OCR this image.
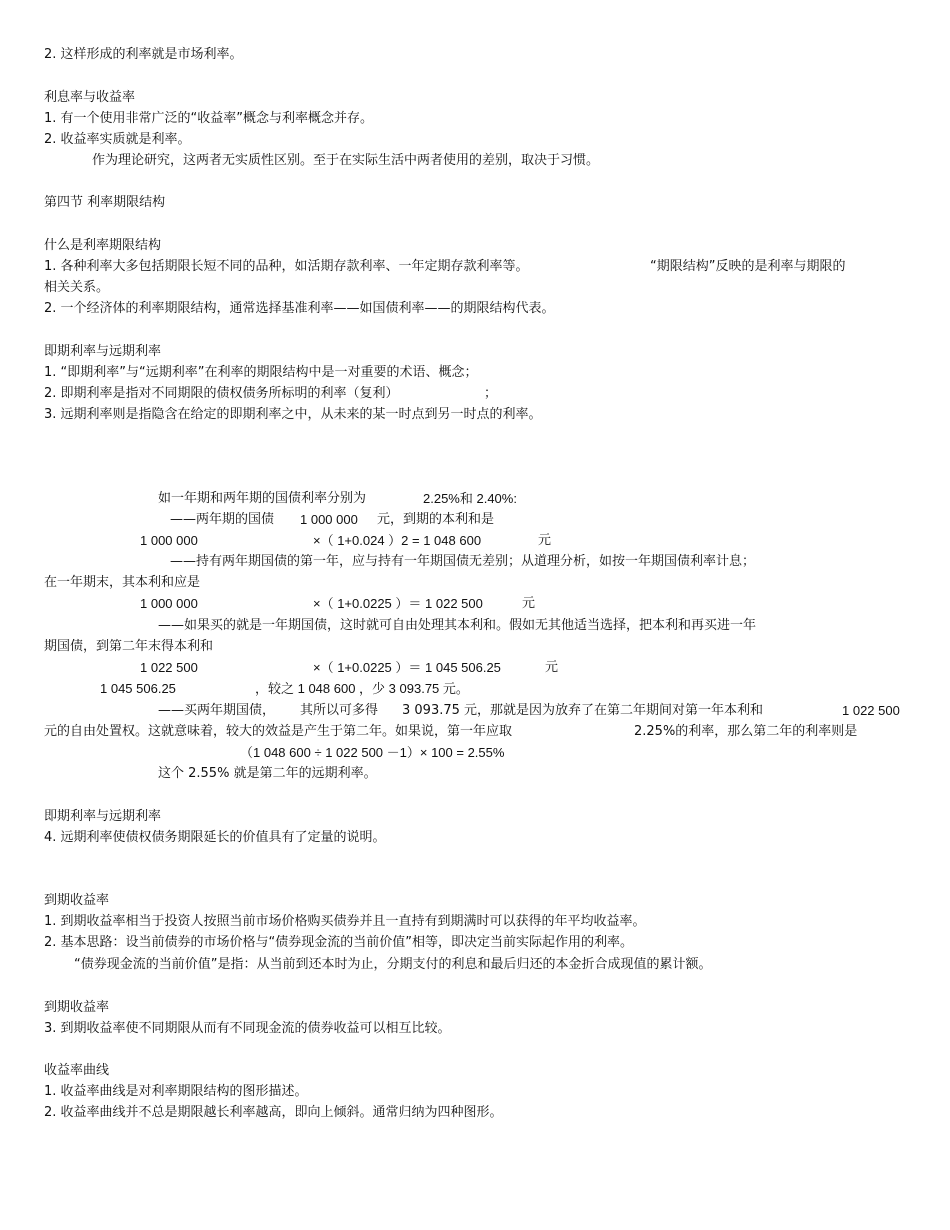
2. 这样形成的利率就是市场利率。
利息率与收益率
1. 有一个使用非常广泛的“收益率”概念与利率概念并存。
2. 收益率实质就是利率。
作为理论研究，这两者无实质性区别。至于在实际生活中两者使用的差别，取决于习惯。
第四节 利率期限结构
什么是利率期限结构
1. 各种利率大多包括期限长短不同的品种，如活期存款利率、一年定期存款利率等。	“期限结构”反映的是利率与期限的
相关关系。
2. 一个经济体的利率期限结构，通常选择基准利率——如国债利率——的期限结构代表。
即期利率与远期利率
1. “即期利率”与“远期利率”在利率的期限结构中是一对重要的术语、概念；
2. 即期利率是指对不同期限的债权债务所标明的利率（复利）	；
3. 远期利率则是指隐含在给定的即期利率之中，从未来的某一时点到另一时点的利率。
如一年期和两年期的国债利率分别为	2.25%和 2.40%:
——两年期的国债 1 000 000 元，到期的本利和是
1 000 000	×（ 1+0.024 ）2 = 1 048 600	元
——持有两年期国债的第一年，应与持有一年期国债无差别；从道理分析，如按一年期国债利率计息；
在一年期末，其本利和应是
1 000 000	×（ 1+0.0225 ）＝ 1 022 500	元
——如果买的就是一年期国债，这时就可自由处理其本利和。假如无其他适当选择，把本利和再买进一年
期国债，到第二年末得本利和
1 022 500	×（ 1+0.0225 ）＝ 1 045 506.25	元
1 045 506.25	，较之 1 048 600 ，少 3 093.75 元。
——买两年期国债， 其所以可多得 3 093.75 元，那就是因为放弃了在第二年期间对第一年本利和	1 022 500
元的自由处置权。这就意味着，较大的效益是产生于第二年。如果说，第一年应取	2.25%的利率，那么第二年的利率则是
（1 048 600 ÷ 1 022 500 －1）× 100 = 2.55%
这个 2.55% 就是第二年的远期利率。
即期利率与远期利率
4. 远期利率使债权债务期限延长的价值具有了定量的说明。
到期收益率
1. 到期收益率相当于投资人按照当前市场价格购买债券并且一直持有到期满时可以获得的年平均收益率。
2. 基本思路：设当前债券的市场价格与“债券现金流的当前价值”相等，即决定当前实际起作用的利率。
“债券现金流的当前价值”是指：从当前到还本时为止，分期支付的利息和最后归还的本金折合成现值的累计额。
到期收益率
3. 到期收益率使不同期限从而有不同现金流的债券收益可以相互比较。
收益率曲线
1. 收益率曲线是对利率期限结构的图形描述。
2. 收益率曲线并不总是期限越长利率越高，即向上倾斜。通常归纳为四种图形。
